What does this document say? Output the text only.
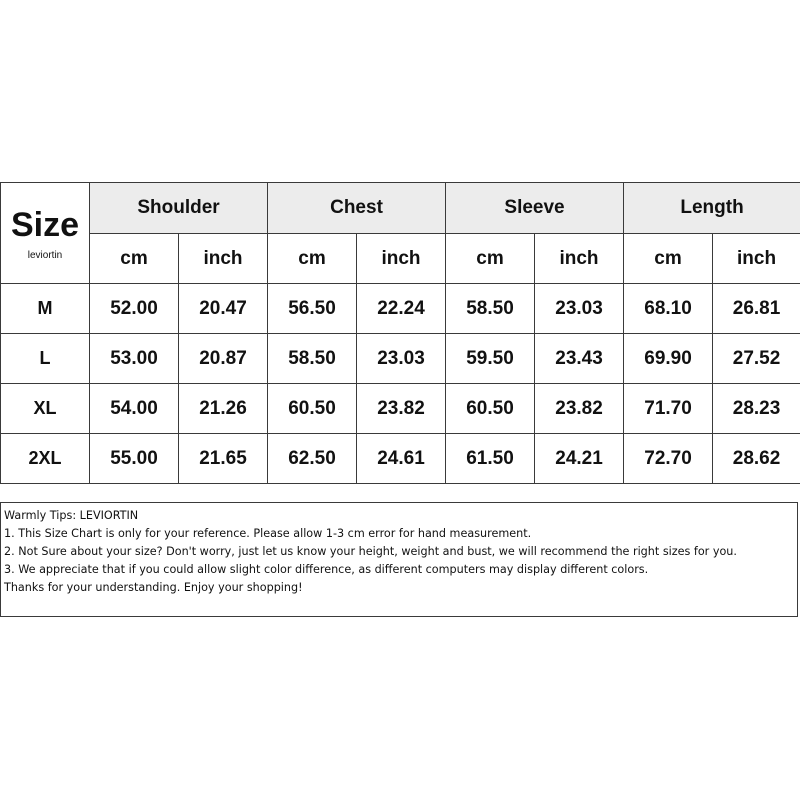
Size
leviortin	Shoulder		Chest		Sleeve		Length	
	cm	inch	cm	inch	cm	inch	cm	inch
M	52.00	20.47	56.50	22.24	58.50	23.03	68.10	26.81
L	53.00	20.87	58.50	23.03	59.50	23.43	69.90	27.52
XL	54.00	21.26	60.50	23.82	60.50	23.82	71.70	28.23
2XL	55.00	21.65	62.50	24.61	61.50	24.21	72.70	28.62
Warmly Tips: LEVIORTIN
1. This Size Chart is only for your reference. Please allow 1-3 cm error for hand measurement.
2. Not Sure about your size? Don't worry, just let us know your height, weight and bust, we will recommend the right sizes for you.
3. We appreciate that if you could allow slight color difference, as different computers may display different colors.
Thanks for your understanding. Enjoy your shopping!
